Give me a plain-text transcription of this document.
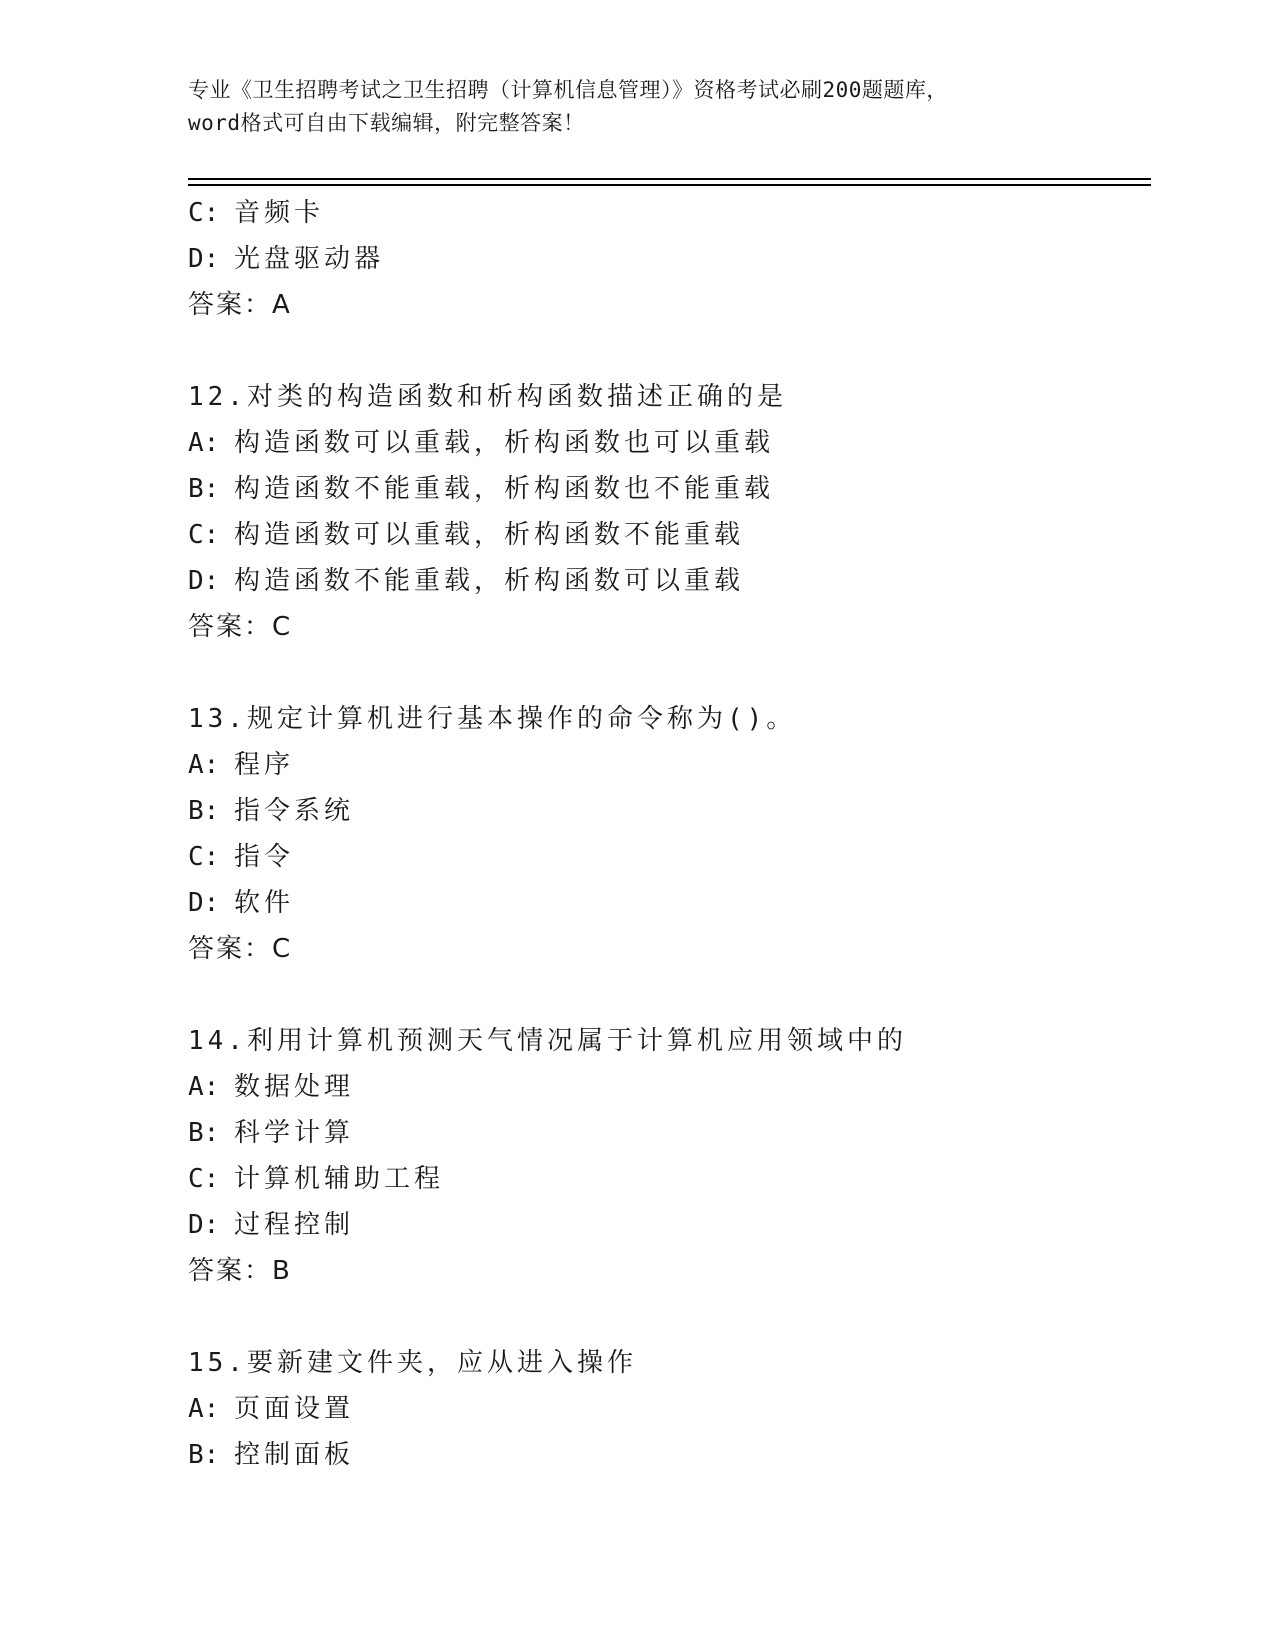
专业《卫生招聘考试之卫生招聘（计算机信息管理）》资格考试必刷200题题库，
word格式可自由下载编辑，附完整答案！
C: 音频卡
D: 光盘驱动器
答案：A
12.对类的构造函数和析构函数描述正确的是
A: 构造函数可以重载，析构函数也可以重载
B: 构造函数不能重载，析构函数也不能重载
C: 构造函数可以重载，析构函数不能重载
D: 构造函数不能重载，析构函数可以重载
答案：C
13.规定计算机进行基本操作的命令称为()。
A: 程序
B: 指令系统
C: 指令
D: 软件
答案：C
14.利用计算机预测天气情况属于计算机应用领域中的
A: 数据处理
B: 科学计算
C: 计算机辅助工程
D: 过程控制
答案：B
15.要新建文件夹，应从进入操作
A: 页面设置
B: 控制面板
